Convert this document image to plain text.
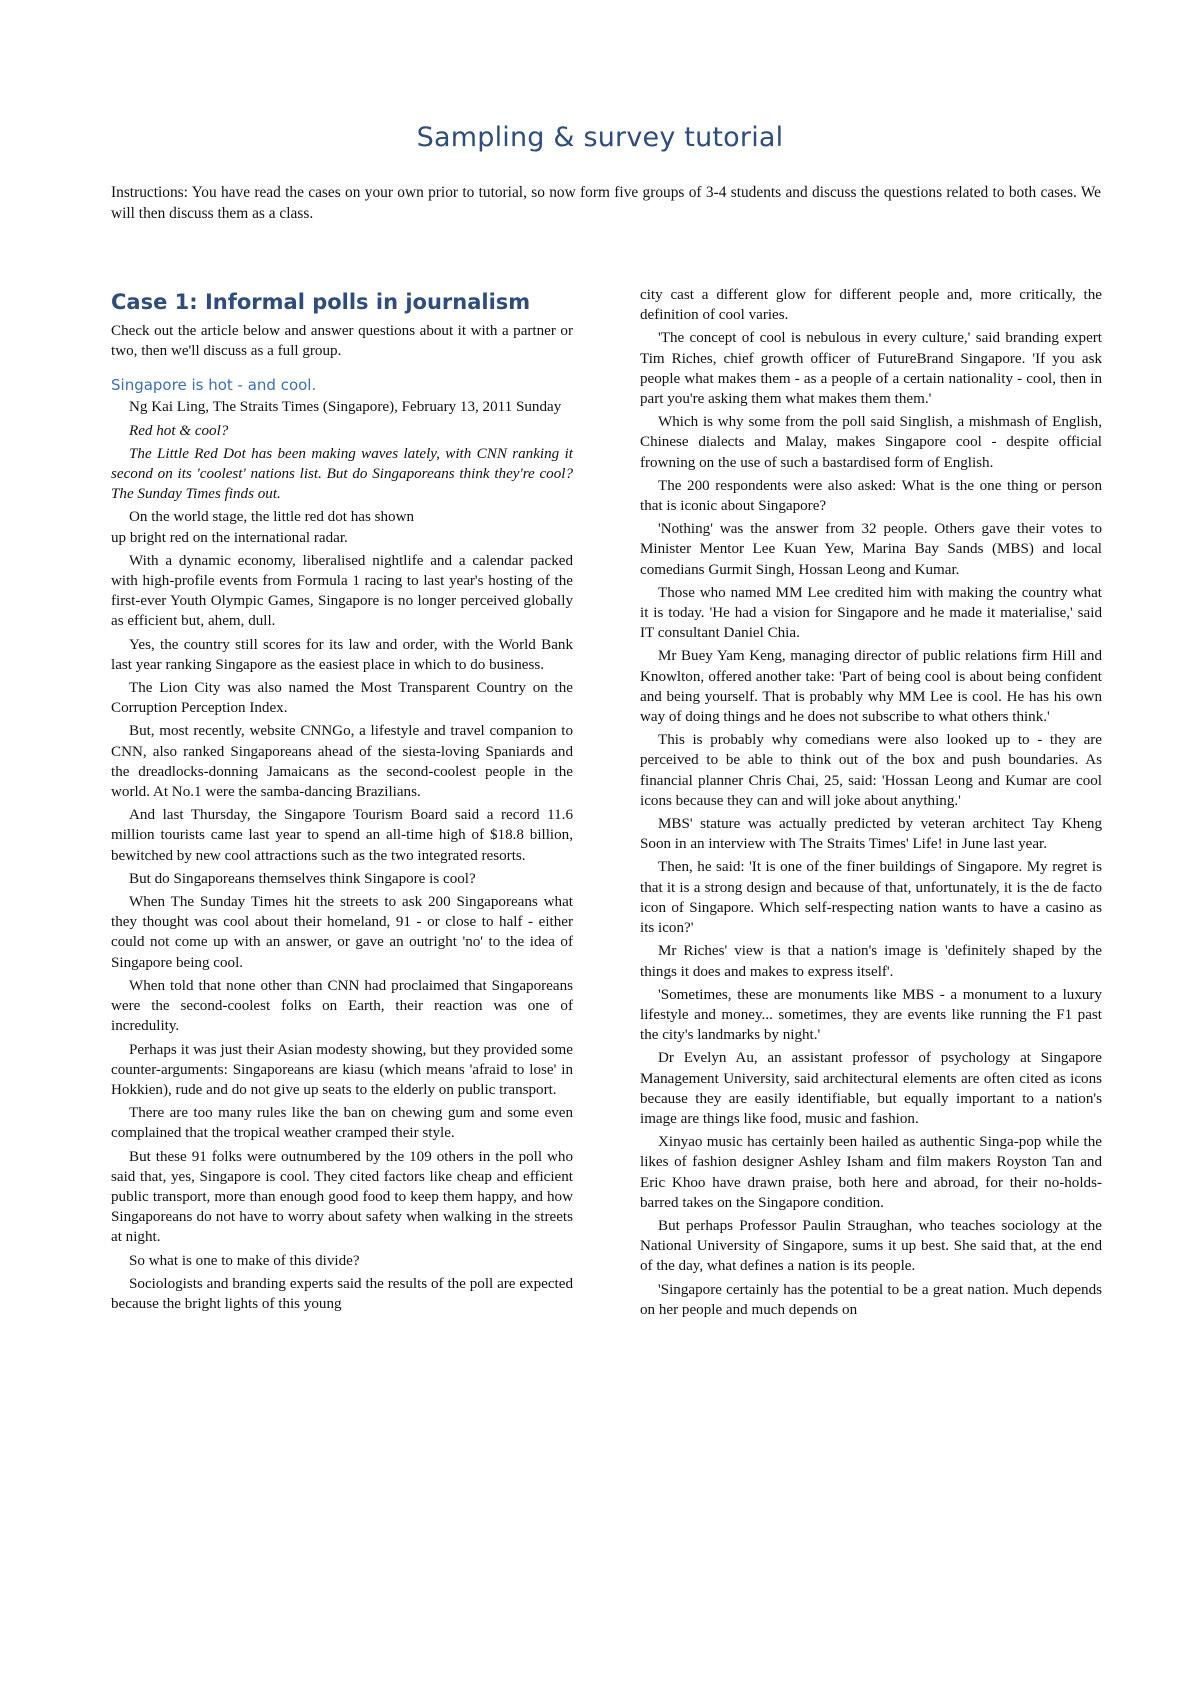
Sampling & survey tutorial

Instructions: You have read the cases on your own prior to tutorial, so now form five groups of 3-4 students and discuss the questions related to both cases. We will then discuss them as a class.

Case 1: Informal polls in journalism

Check out the article below and answer questions about it with a partner or two, then we'll discuss as a full group.

Singapore is hot - and cool.

Ng Kai Ling, The Straits Times (Singapore), February 13, 2011 Sunday

Red hot & cool?

The Little Red Dot has been making waves lately, with CNN ranking it second on its 'coolest' nations list. But do Singaporeans think they're cool? The Sunday Times finds out.

On the world stage, the little red dot has shown
up bright red on the international radar.

With a dynamic economy, liberalised nightlife and a calendar packed with high-profile events from Formula 1 racing to last year's hosting of the first-ever Youth Olympic Games, Singapore is no longer perceived globally as efficient but, ahem, dull.

Yes, the country still scores for its law and order, with the World Bank last year ranking Singapore as the easiest place in which to do business.

The Lion City was also named the Most Transparent Country on the Corruption Perception Index.

But, most recently, website CNNGo, a lifestyle and travel companion to CNN, also ranked Singaporeans ahead of the siesta-loving Spaniards and the dreadlocks-donning Jamaicans as the second-coolest people in the world. At No.1 were the samba-dancing Brazilians.

And last Thursday, the Singapore Tourism Board said a record 11.6 million tourists came last year to spend an all-time high of $18.8 billion, bewitched by new cool attractions such as the two integrated resorts.

But do Singaporeans themselves think Singapore is cool?

When The Sunday Times hit the streets to ask 200 Singaporeans what they thought was cool about their homeland, 91 - or close to half - either could not come up with an answer, or gave an outright 'no' to the idea of Singapore being cool.

When told that none other than CNN had proclaimed that Singaporeans were the second-coolest folks on Earth, their reaction was one of incredulity.

Perhaps it was just their Asian modesty showing, but they provided some counter-arguments: Singaporeans are kiasu (which means 'afraid to lose' in Hokkien), rude and do not give up seats to the elderly on public transport.

There are too many rules like the ban on chewing gum and some even complained that the tropical weather cramped their style.

But these 91 folks were outnumbered by the 109 others in the poll who said that, yes, Singapore is cool. They cited factors like cheap and efficient public transport, more than enough good food to keep them happy, and how Singaporeans do not have to worry about safety when walking in the streets at night.

So what is one to make of this divide?

Sociologists and branding experts said the results of the poll are expected because the bright lights of this young

city cast a different glow for different people and, more critically, the definition of cool varies.

'The concept of cool is nebulous in every culture,' said branding expert Tim Riches, chief growth officer of FutureBrand Singapore. 'If you ask people what makes them - as a people of a certain nationality - cool, then in part you're asking them what makes them them.'

Which is why some from the poll said Singlish, a mishmash of English, Chinese dialects and Malay, makes Singapore cool - despite official frowning on the use of such a bastardised form of English.

The 200 respondents were also asked: What is the one thing or person that is iconic about Singapore?

'Nothing' was the answer from 32 people. Others gave their votes to Minister Mentor Lee Kuan Yew, Marina Bay Sands (MBS) and local comedians Gurmit Singh, Hossan Leong and Kumar.

Those who named MM Lee credited him with making the country what it is today. 'He had a vision for Singapore and he made it materialise,' said IT consultant Daniel Chia.

Mr Buey Yam Keng, managing director of public relations firm Hill and Knowlton, offered another take: 'Part of being cool is about being confident and being yourself. That is probably why MM Lee is cool. He has his own way of doing things and he does not subscribe to what others think.'

This is probably why comedians were also looked up to - they are perceived to be able to think out of the box and push boundaries. As financial planner Chris Chai, 25, said: 'Hossan Leong and Kumar are cool icons because they can and will joke about anything.'

MBS' stature was actually predicted by veteran architect Tay Kheng Soon in an interview with The Straits Times' Life! in June last year.

Then, he said: 'It is one of the finer buildings of Singapore. My regret is that it is a strong design and because of that, unfortunately, it is the de facto icon of Singapore. Which self-respecting nation wants to have a casino as its icon?'

Mr Riches' view is that a nation's image is 'definitely shaped by the things it does and makes to express itself'.

'Sometimes, these are monuments like MBS - a monument to a luxury lifestyle and money... sometimes, they are events like running the F1 past the city's landmarks by night.'

Dr Evelyn Au, an assistant professor of psychology at Singapore Management University, said architectural elements are often cited as icons because they are easily identifiable, but equally important to a nation's image are things like food, music and fashion.

Xinyao music has certainly been hailed as authentic Singa-pop while the likes of fashion designer Ashley Isham and film makers Royston Tan and Eric Khoo have drawn praise, both here and abroad, for their no-holds-barred takes on the Singapore condition.

But perhaps Professor Paulin Straughan, who teaches sociology at the National University of Singapore, sums it up best. She said that, at the end of the day, what defines a nation is its people.

'Singapore certainly has the potential to be a great nation. Much depends on her people and much depends on
